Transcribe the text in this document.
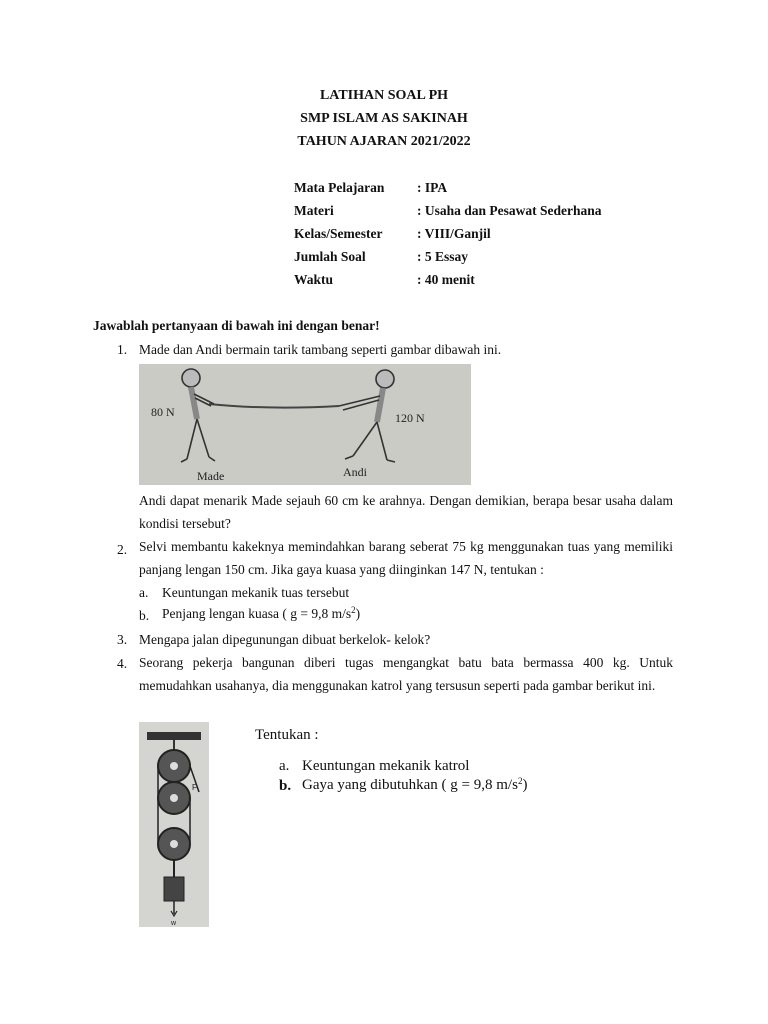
LATIHAN SOAL PH
SMP ISLAM AS SAKINAH
TAHUN AJARAN 2021/2022
Mata Pelajaran : IPA
Materi	: Usaha dan Pesawat Sederhana
Kelas/Semester	: VIII/Ganjil
Jumlah Soal	: 5 Essay
Waktu	: 40 menit
Jawablah pertanyaan di bawah ini dengan benar!
1. Made dan Andi bermain tarik tambang seperti gambar dibawah ini.
80 N	120 N
Made	Andi
Andi dapat menarik Made sejauh 60 cm ke arahnya. Dengan demikian, berapa besar usaha dalam kondisi tersebut?
2. Selvi membantu kakeknya memindahkan barang seberat 75 kg menggunakan tuas yang memiliki panjang lengan 150 cm. Jika gaya kuasa yang diinginkan 147 N, tentukan :
a. Keuntungan mekanik tuas tersebut
b. Penjang lengan kuasa ( g = 9,8 $m/s^2$)
3. Mengapa jalan dipegunungan dibuat berkelok- kelok?
4. Seorang pekerja bangunan diberi tugas mengangkat batu bata bermassa 400 kg. Untuk memudahkan usahanya, dia menggunakan katrol yang tersusun seperti pada gambar berikut ini.
F
w
Tentukan :
a. Keuntungan mekanik katrol
b. Gaya yang dibutuhkan ( g = 9,8 $m/s^2$)
